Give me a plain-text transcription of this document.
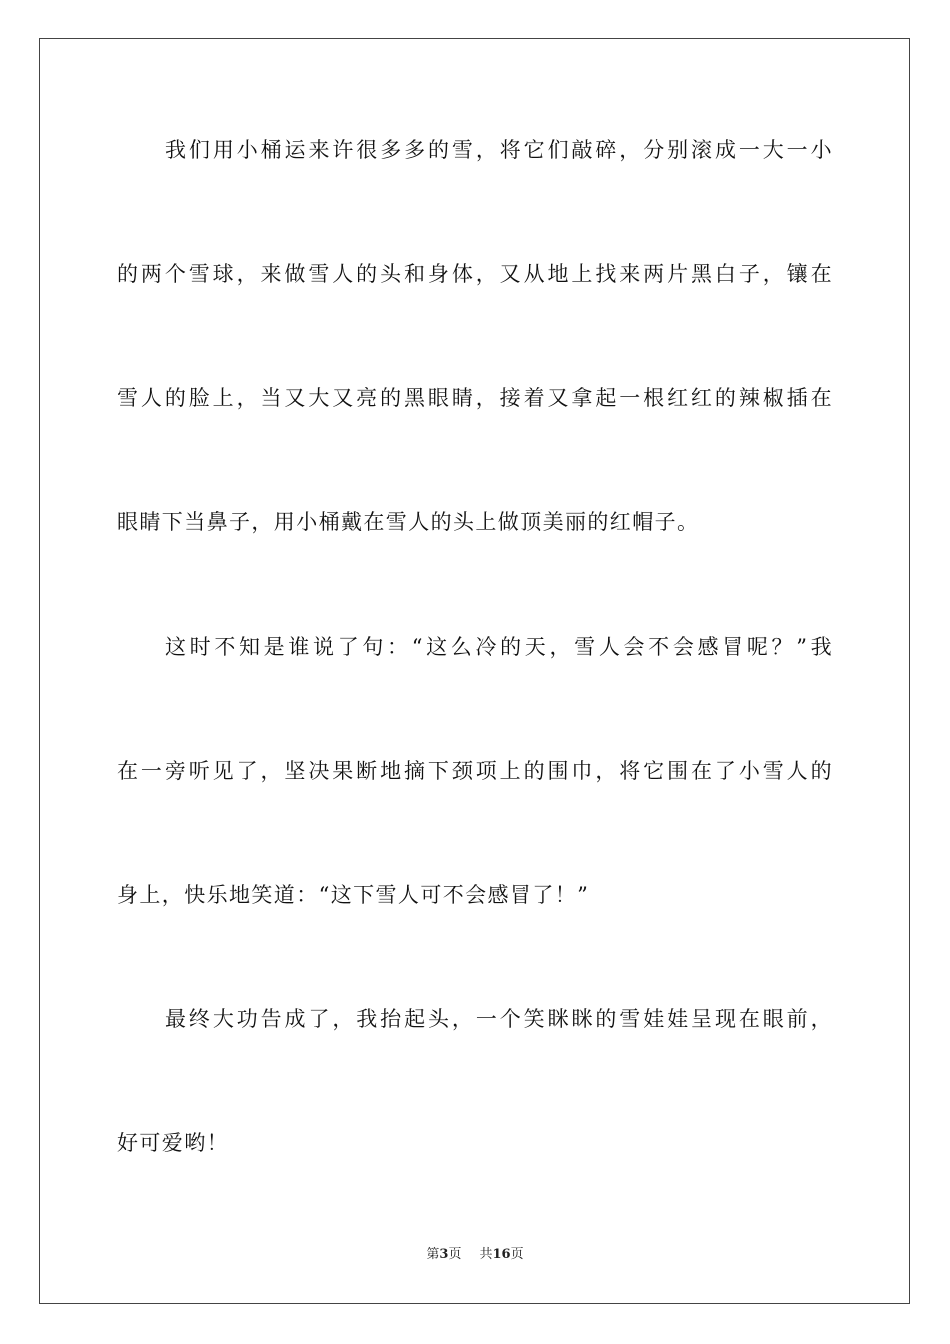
我们用小桶运来许很多多的雪，将它们敲碎，分别滚成一大一小
的两个雪球，来做雪人的头和身体，又从地上找来两片黑白子，镶在
雪人的脸上，当又大又亮的黑眼睛，接着又拿起一根红红的辣椒插在
眼睛下当鼻子，用小桶戴在雪人的头上做顶美丽的红帽子。
这时不知是谁说了句：“这么冷的天，雪人会不会感冒呢？”我
在一旁听见了，坚决果断地摘下颈项上的围巾，将它围在了小雪人的
身上，快乐地笑道：“这下雪人可不会感冒了！”
最终大功告成了，我抬起头，一个笑眯眯的雪娃娃呈现在眼前，
好可爱哟！
第3页 共16页
